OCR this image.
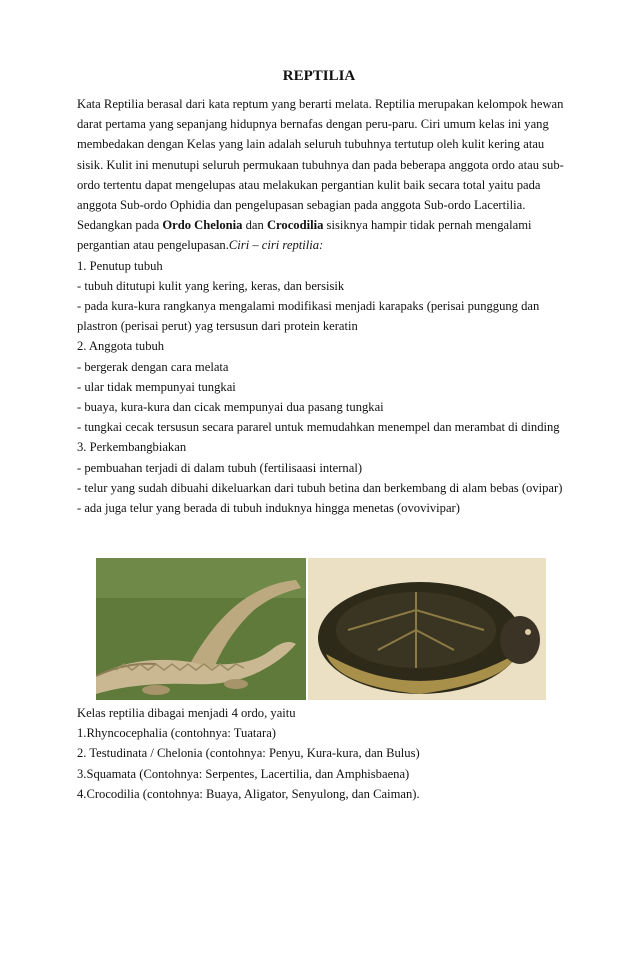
REPTILIA
Kata Reptilia berasal dari kata reptum yang berarti melata. Reptilia merupakan kelompok hewan
darat pertama yang sepanjang hidupnya bernafas dengan peru-paru. Ciri umum kelas ini yang
membedakan dengan Kelas yang lain adalah seluruh tubuhnya tertutup oleh kulit kering atau
sisik. Kulit ini menutupi seluruh permukaan tubuhnya dan pada beberapa anggota ordo atau sub-
ordo tertentu dapat mengelupas atau melakukan pergantian kulit baik secara total yaitu pada
anggota Sub-ordo Ophidia dan pengelupasan sebagian pada anggota Sub-ordo Lacertilia.
Sedangkan pada Ordo Chelonia dan Crocodilia sisiknya hampir tidak pernah mengalami
pergantian atau pengelupasan.Ciri – ciri reptilia:
1. Penutup tubuh
- tubuh ditutupi kulit yang kering, keras, dan bersisik
- pada kura-kura rangkanya mengalami modifikasi menjadi karapaks (perisai punggung dan
plastron (perisai perut) yag tersusun dari protein keratin
2. Anggota tubuh
- bergerak dengan cara melata
- ular tidak mempunyai tungkai
- buaya, kura-kura dan cicak mempunyai dua pasang tungkai
- tungkai cecak tersusun secara pararel untuk memudahkan menempel dan merambat di dinding
3. Perkembangbiakan
- pembuahan terjadi di dalam tubuh (fertilisaasi internal)
- telur yang sudah dibuahi dikeluarkan dari tubuh betina dan berkembang di alam bebas (ovipar)
- ada juga telur yang berada di tubuh induknya hingga menetas (ovovivipar)
Kelas reptilia dibagai menjadi 4 ordo, yaitu
1.Rhyncocephalia (contohnya: Tuatara)
2. Testudinata / Chelonia (contohnya: Penyu, Kura-kura, dan Bulus)
3.Squamata (Contohnya: Serpentes, Lacertilia, dan Amphisbaena)
4.Crocodilia (contohnya: Buaya, Aligator, Senyulong, dan Caiman).
